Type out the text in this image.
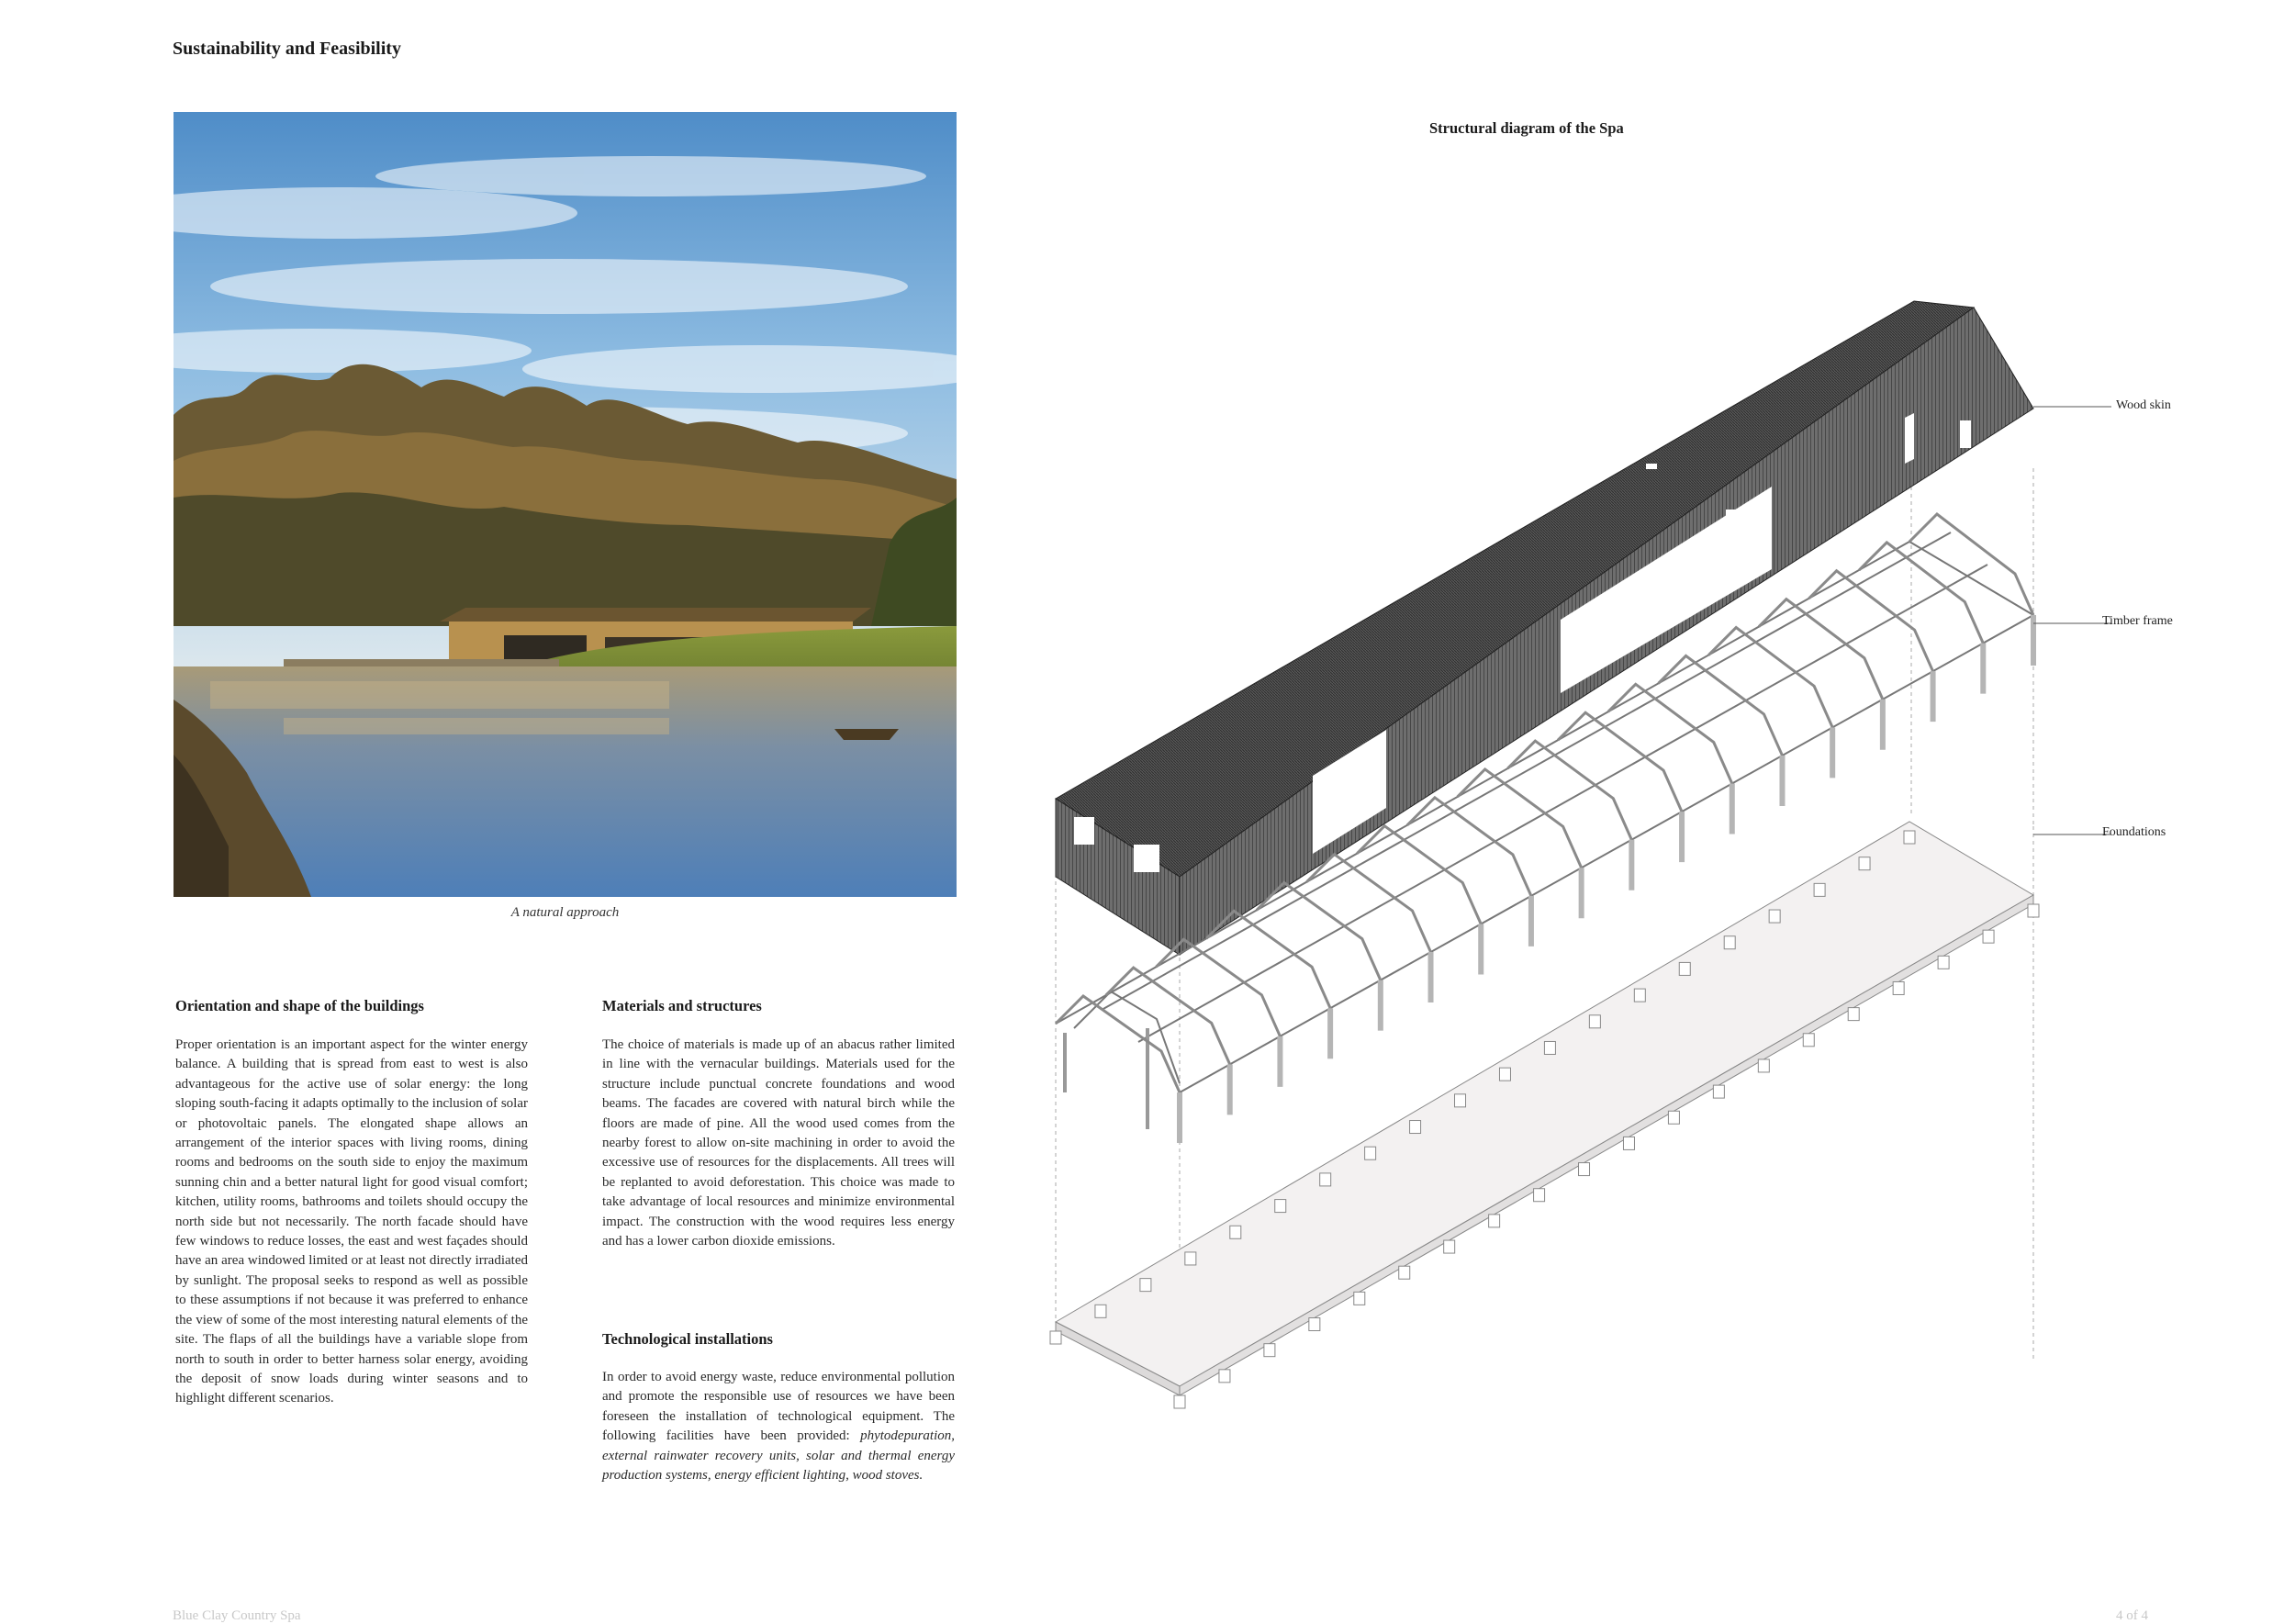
Sustainability and Feasibility
A natural approach
Orientation and shape of the buildings
Proper orientation is an important aspect for the winter energy balance. A building that is spread from east to west is also advantageous for the active use of solar energy: the long sloping south-facing it adapts optimally to the inclusion of solar or photovoltaic panels. The elongated shape allows an arrangement of the interior spaces with living rooms, dining rooms and bedrooms on the south side to enjoy the maximum sunning chin and a better natural light for good visual comfort; kitchen, utility rooms, bathrooms and toilets should occupy the north side but not necessarily. The north facade should have few windows to reduce losses, the east and west façades should have an area windowed limited or at least not directly irradiated by sunlight. The proposal seeks to respond as well as possible to these assumptions if not because it was preferred to enhance the view of some of the most interesting natural elements of the site. The flaps of all the buildings have a variable slope from north to south in order to better harness solar energy, avoiding the deposit of snow loads during winter seasons and to highlight different scenarios.
Materials and structures
The choice of materials is made up of an abacus rather limited in line with the vernacular buildings. Materials used for the structure include punctual concrete foundations and wood beams. The facades are covered with natural birch while the floors are made of pine. All the wood used comes from the nearby forest to allow on-site machining in order to avoid the excessive use of resources for the displacements. All trees will be replanted to avoid deforestation. This choice was made to take advantage of local resources and minimize environmental impact. The construction with the wood requires less energy and has a lower carbon dioxide emissions.
Technological installations
In order to avoid energy waste, reduce environmental pollution and promote the responsible use of resources we have been foreseen the installation of technological equipment. The following facilities have been provided: phytodepuration, external rainwater recovery units, solar and thermal energy production systems, energy efficient lighting, wood stoves.
Structural diagram of the Spa
Wood skin
Timber frame
Foundations
Blue Clay Country Spa	4 of 4
